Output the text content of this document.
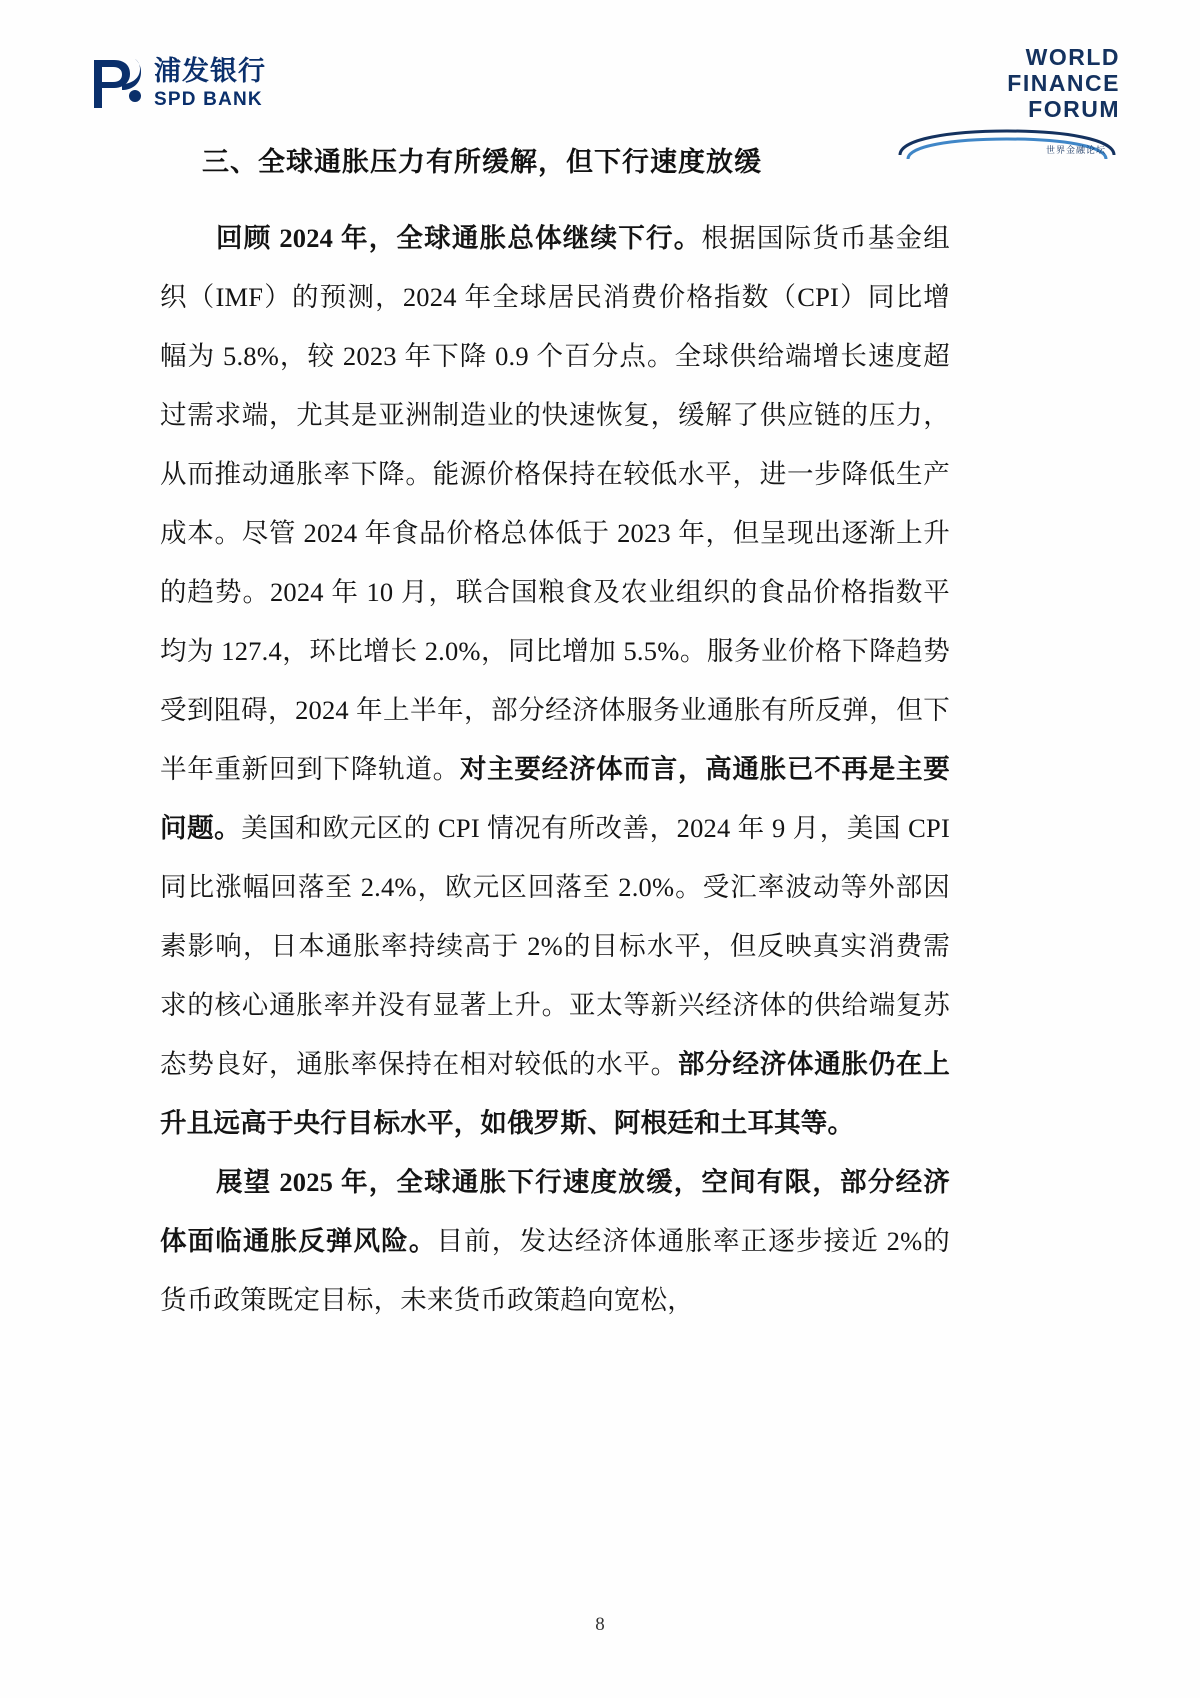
浦发银行
SPD BANK
WORLD
FINANCE
FORUM
世界金融论坛
三、全球通胀压力有所缓解，但下行速度放缓

回顾 2024 年，全球通胀总体继续下行。根据国际货币基金组织（IMF）的预测，2024 年全球居民消费价格指数（CPI）同比增幅为 5.8%，较 2023 年下降 0.9 个百分点。全球供给端增长速度超过需求端，尤其是亚洲制造业的快速恢复，缓解了供应链的压力，从而推动通胀率下降。能源价格保持在较低水平，进一步降低生产成本。尽管 2024 年食品价格总体低于 2023 年，但呈现出逐渐上升的趋势。2024 年 10 月，联合国粮食及农业组织的食品价格指数平均为 127.4，环比增长 2.0%，同比增加 5.5%。服务业价格下降趋势受到阻碍，2024 年上半年，部分经济体服务业通胀有所反弹，但下半年重新回到下降轨道。对主要经济体而言，高通胀已不再是主要问题。美国和欧元区的 CPI 情况有所改善，2024 年 9 月，美国 CPI 同比涨幅回落至 2.4%，欧元区回落至 2.0%。受汇率波动等外部因素影响，日本通胀率持续高于 2%的目标水平，但反映真实消费需求的核心通胀率并没有显著上升。亚太等新兴经济体的供给端复苏态势良好，通胀率保持在相对较低的水平。部分经济体通胀仍在上升且远高于央行目标水平，如俄罗斯、阿根廷和土耳其等。

展望 2025 年，全球通胀下行速度放缓，空间有限，部分经济体面临通胀反弹风险。目前，发达经济体通胀率正逐步接近 2%的货币政策既定目标，未来货币政策趋向宽松，

8
